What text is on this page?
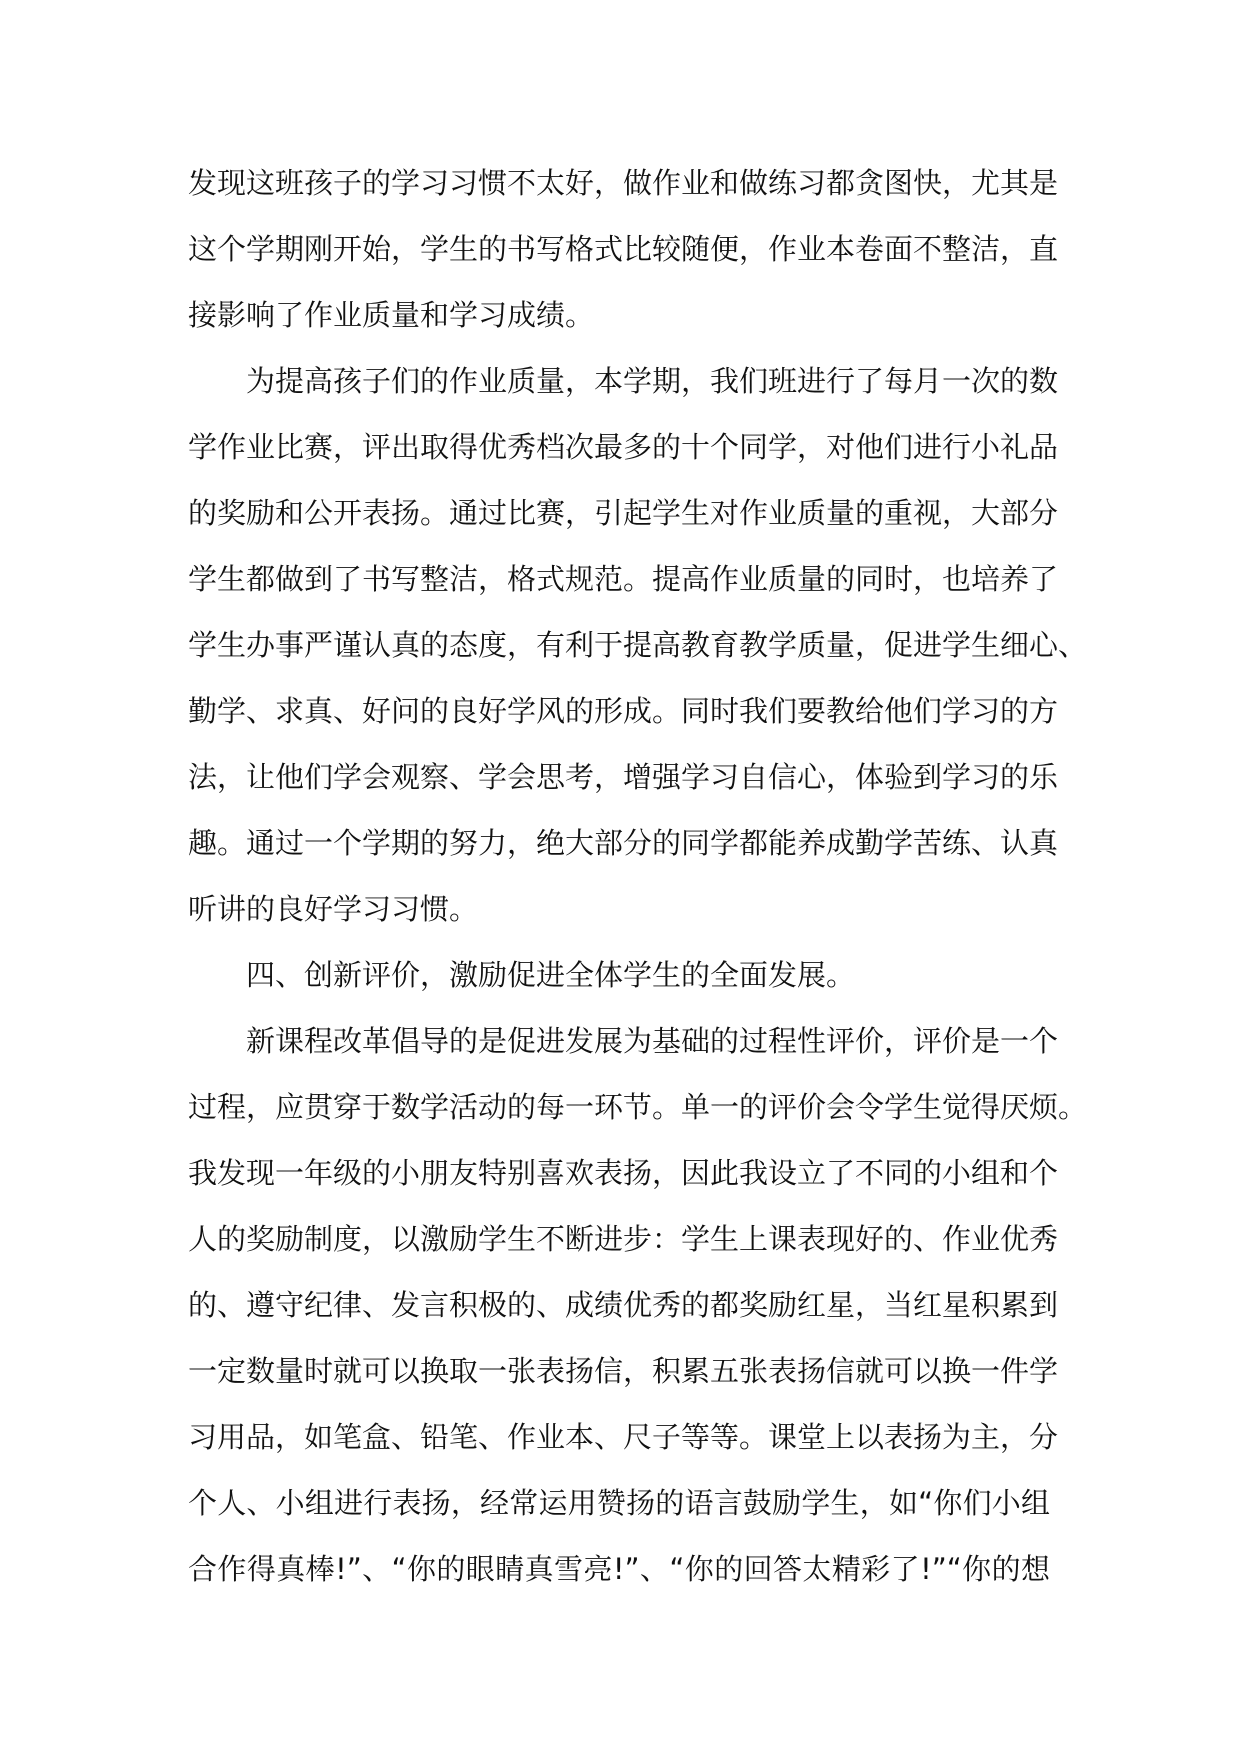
发现这班孩子的学习习惯不太好，做作业和做练习都贪图快，尤其是
这个学期刚开始，学生的书写格式比较随便，作业本卷面不整洁，直
接影响了作业质量和学习成绩。
　　为提高孩子们的作业质量，本学期，我们班进行了每月一次的数
学作业比赛，评出取得优秀档次最多的十个同学，对他们进行小礼品
的奖励和公开表扬。通过比赛，引起学生对作业质量的重视，大部分
学生都做到了书写整洁，格式规范。提高作业质量的同时，也培养了
学生办事严谨认真的态度，有利于提高教育教学质量，促进学生细心、
勤学、求真、好问的良好学风的形成。同时我们要教给他们学习的方
法，让他们学会观察、学会思考，增强学习自信心，体验到学习的乐
趣。通过一个学期的努力，绝大部分的同学都能养成勤学苦练、认真
听讲的良好学习习惯。
　　四、创新评价，激励促进全体学生的全面发展。
　　新课程改革倡导的是促进发展为基础的过程性评价，评价是一个
过程，应贯穿于数学活动的每一环节。单一的评价会令学生觉得厌烦。
我发现一年级的小朋友特别喜欢表扬，因此我设立了不同的小组和个
人的奖励制度，以激励学生不断进步：学生上课表现好的、作业优秀
的、遵守纪律、发言积极的、成绩优秀的都奖励红星，当红星积累到
一定数量时就可以换取一张表扬信，积累五张表扬信就可以换一件学
习用品，如笔盒、铅笔、作业本、尺子等等。课堂上以表扬为主，分
个人、小组进行表扬，经常运用赞扬的语言鼓励学生，如“你们小组
合作得真棒!”、“你的眼睛真雪亮!”、“你的回答太精彩了!”“你的想
